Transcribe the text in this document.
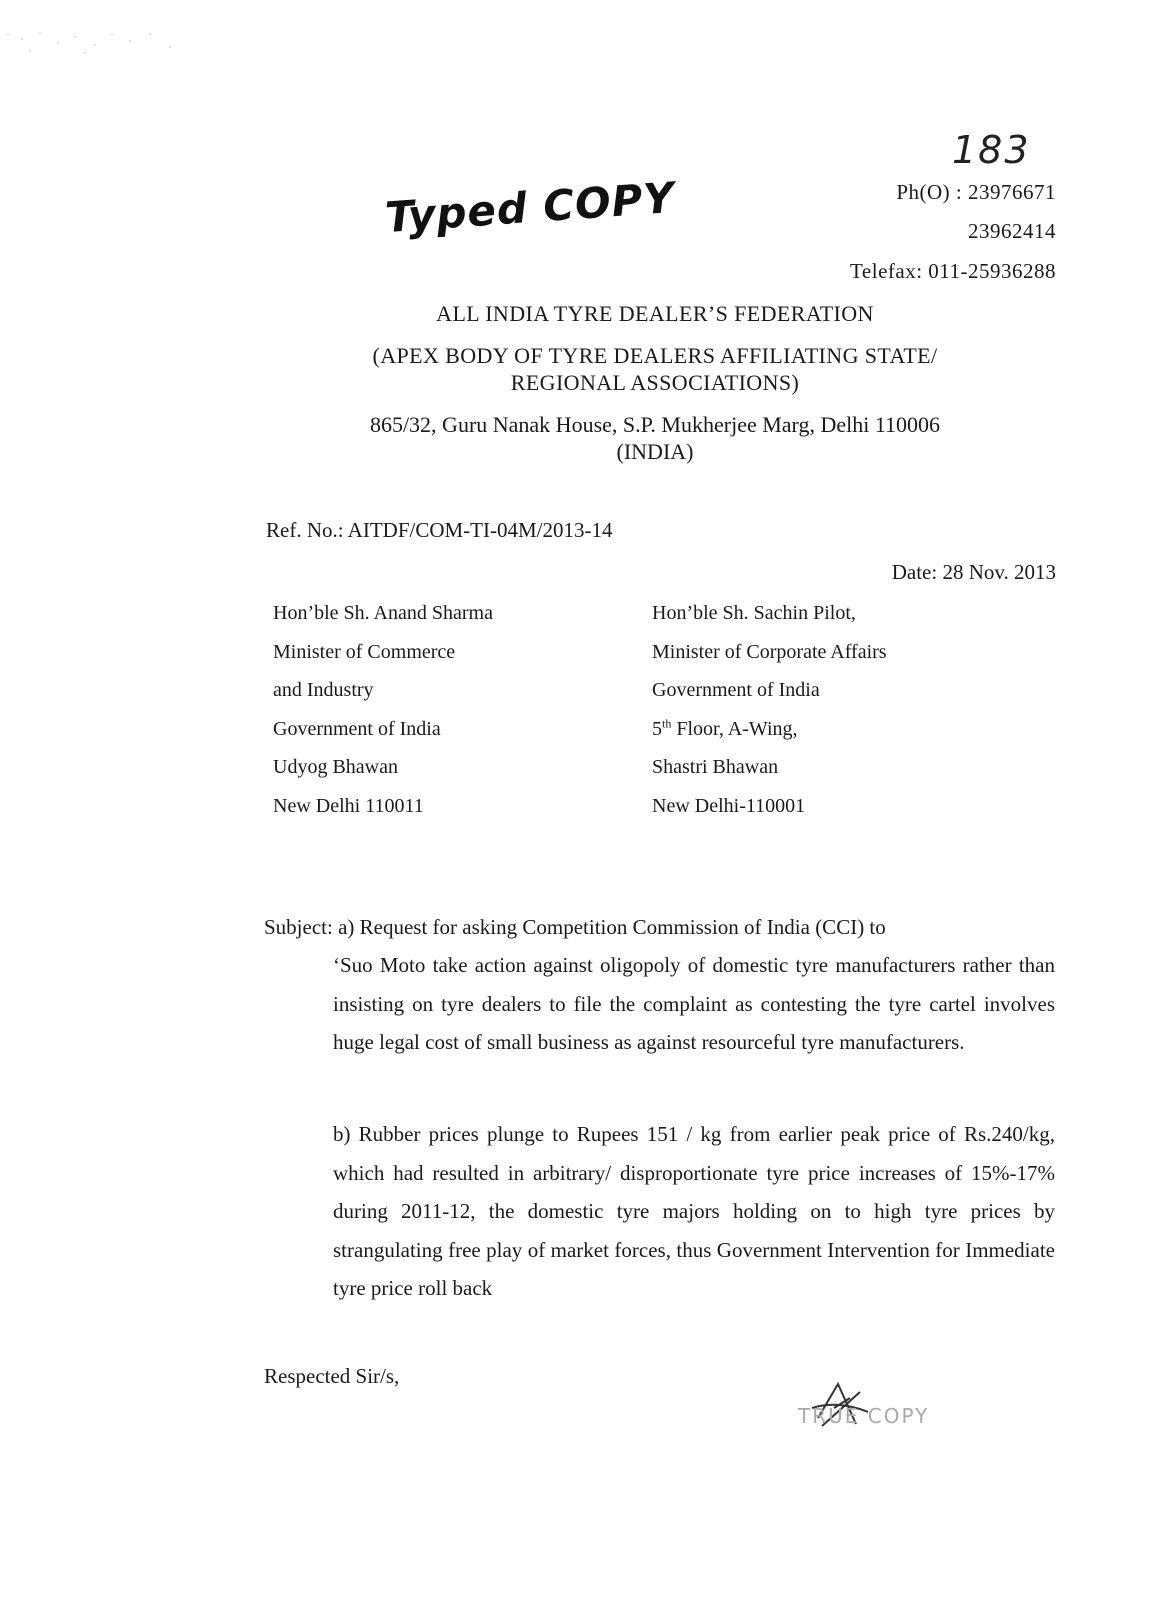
183
Typed COPY	Ph(O) : 23976671
23962414
Telefax: 011-25936288
ALL INDIA TYRE DEALER’S FEDERATION
(APEX BODY OF TYRE DEALERS AFFILIATING STATE/
REGIONAL ASSOCIATIONS)
865/32, Guru Nanak House, S.P. Mukherjee Marg, Delhi 110006
(INDIA)
Ref. No.: AITDF/COM-TI-04M/2013-14
Date: 28 Nov. 2013
Hon’ble Sh. Anand Sharma
Minister of Commerce
and Industry
Government of India
Udyog Bhawan
New Delhi 110011
Hon’ble Sh. Sachin Pilot,
Minister of Corporate Affairs
Government of India
5th Floor, A-Wing,
Shastri Bhawan
New Delhi-110001
Subject: a) Request for asking Competition Commission of India (CCI) to
‘Suo Moto take action against oligopoly of domestic tyre manufacturers rather than insisting on tyre dealers to file the complaint as contesting the tyre cartel involves huge legal cost of small business as against resourceful tyre manufacturers.
b) Rubber prices plunge to Rupees 151 / kg from earlier peak price of Rs.240/kg, which had resulted in arbitrary/ disproportionate tyre price increases of 15%-17% during 2011-12, the domestic tyre majors holding on to high tyre prices by strangulating free play of market forces, thus Government Intervention for Immediate tyre price roll back
Respected Sir/s,
TRUE COPY
